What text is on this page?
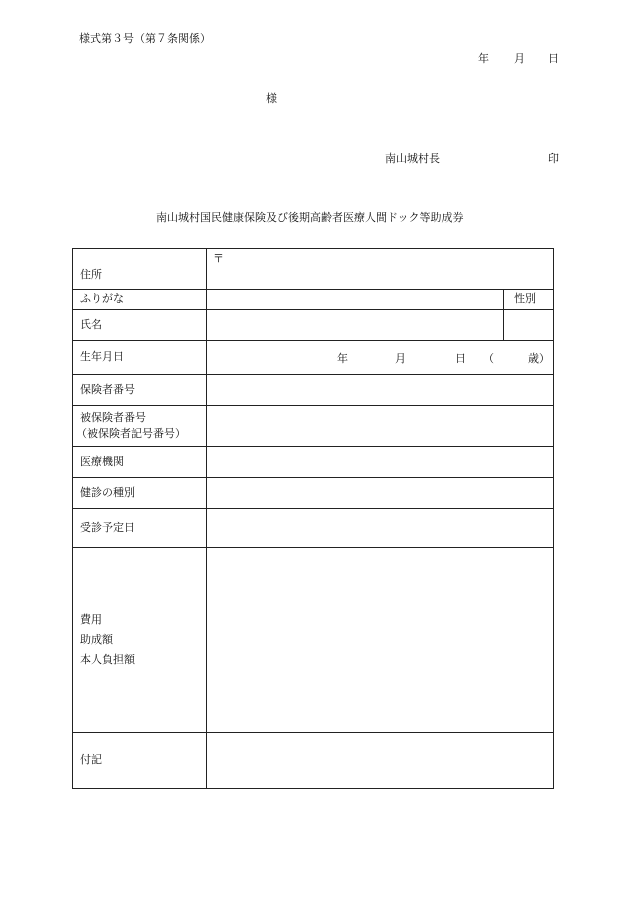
様式第３号（第７条関係）
年 月 日
様
南山城村長	印
南山城村国民健康保険及び後期高齢者医療人間ドック等助成券
住所	〒	
ふりがな		性別
氏名		
生年月日	年 月 日 （ 歳）	

保険者番号		

被保険者番号
（被保険者記号番号）		

医療機関		
健診の種別		
受診予定日		

費用
助成額
本人負担額		

付記		
